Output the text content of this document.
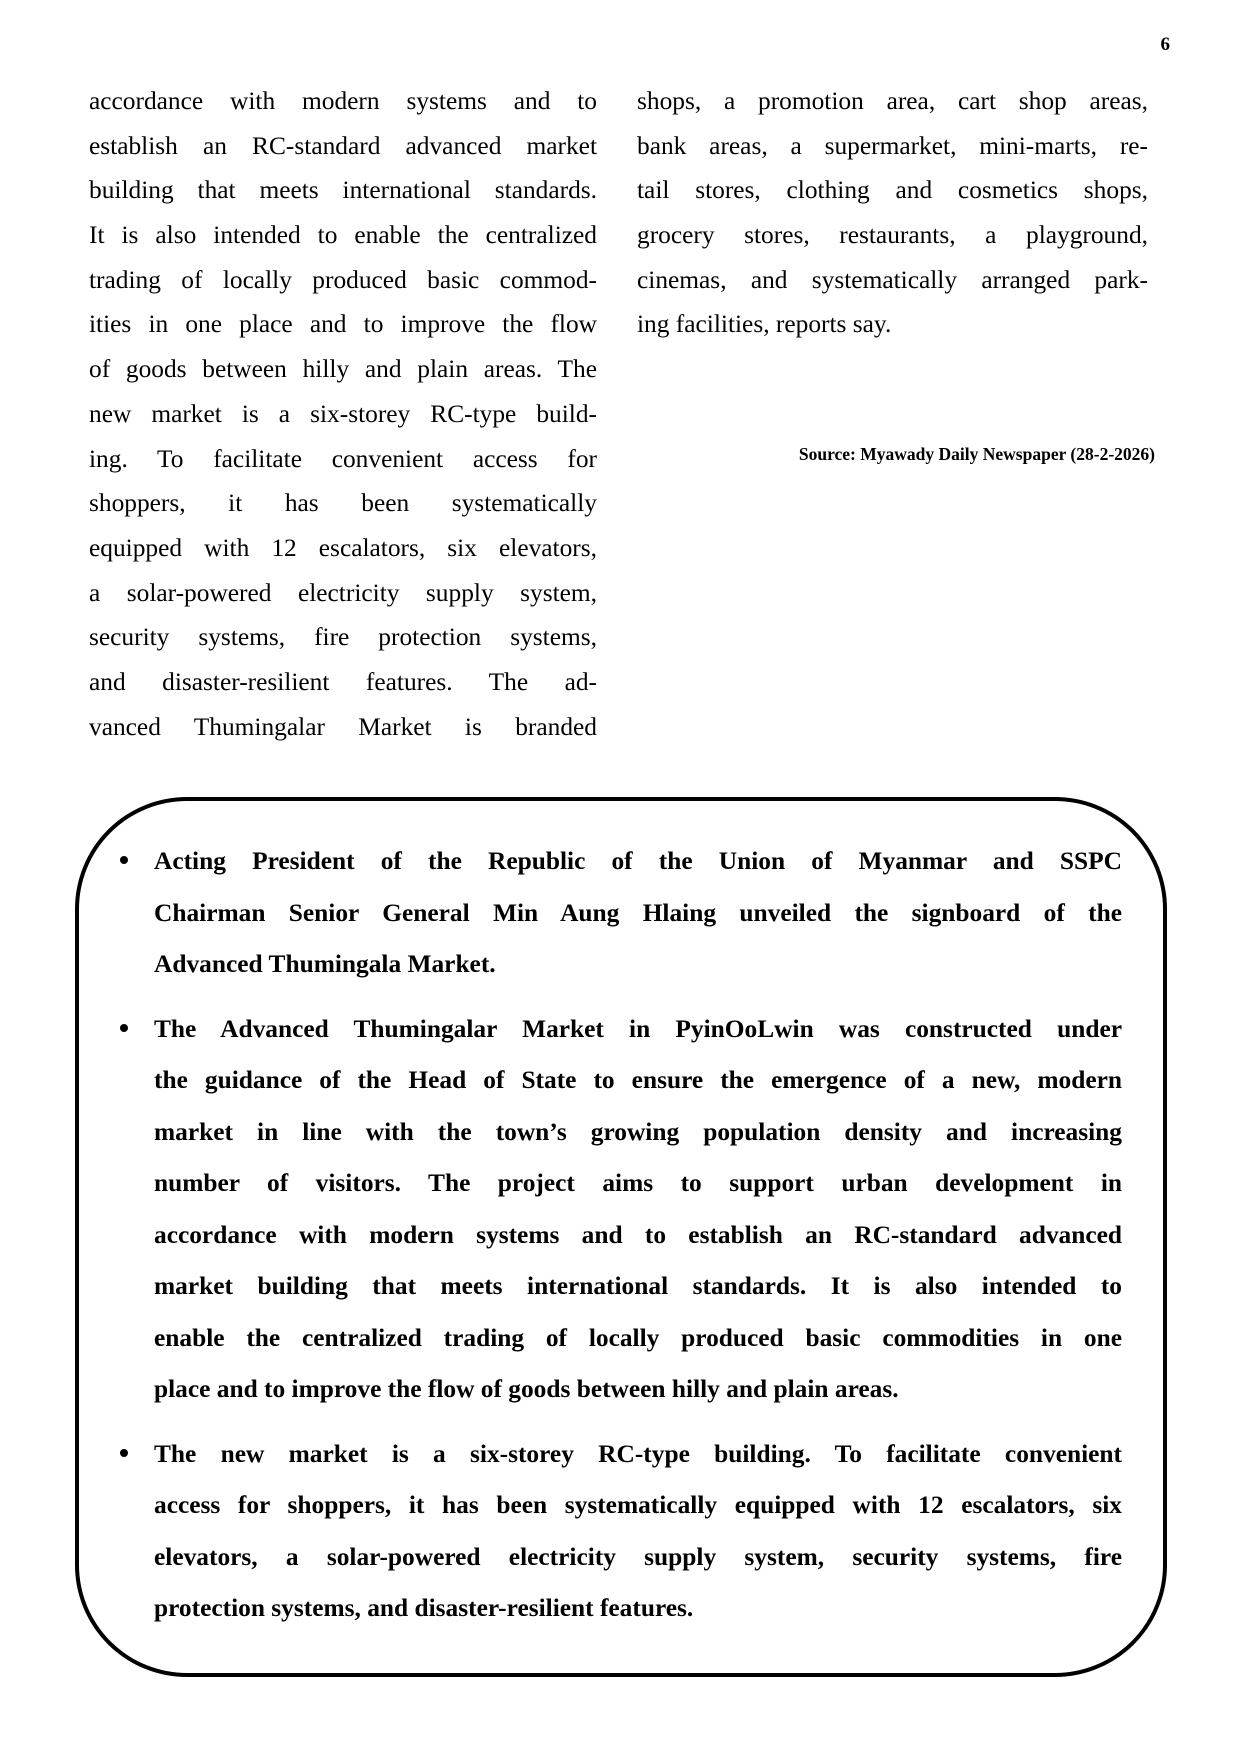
6
accordance with modern systems and to
establish an RC-standard advanced market
building that meets international standards.
It is also intended to enable the centralized
trading of locally produced basic commod-
ities in one place and to improve the flow
of goods between hilly and plain areas. The
new market is a six-storey RC-type build-
ing. To facilitate convenient access for
shoppers, it has been systematically
equipped with 12 escalators, six elevators,
a solar-powered electricity supply system,
security systems, fire protection systems,
and disaster-resilient features. The ad-
vanced Thumingalar Market is branded
shops, a promotion area, cart shop areas,
bank areas, a supermarket, mini-marts, re-
tail stores, clothing and cosmetics shops,
grocery stores, restaurants, a playground,
cinemas, and systematically arranged park-
ing facilities, reports say.
Source: Myawady Daily Newspaper (28-2-2026)
Acting President of the Republic of the Union of Myanmar and SSPC
Chairman Senior General Min Aung Hlaing unveiled the signboard of the
Advanced Thumingala Market.
The Advanced Thumingalar Market in PyinOoLwin was constructed under
the guidance of the Head of State to ensure the emergence of a new, modern
market in line with the town’s growing population density and increasing
number of visitors. The project aims to support urban development in
accordance with modern systems and to establish an RC-standard advanced
market building that meets international standards. It is also intended to
enable the centralized trading of locally produced basic commodities in one
place and to improve the flow of goods between hilly and plain areas.
The new market is a six-storey RC-type building. To facilitate convenient
access for shoppers, it has been systematically equipped with 12 escalators, six
elevators, a solar-powered electricity supply system, security systems, fire
protection systems, and disaster-resilient features.
